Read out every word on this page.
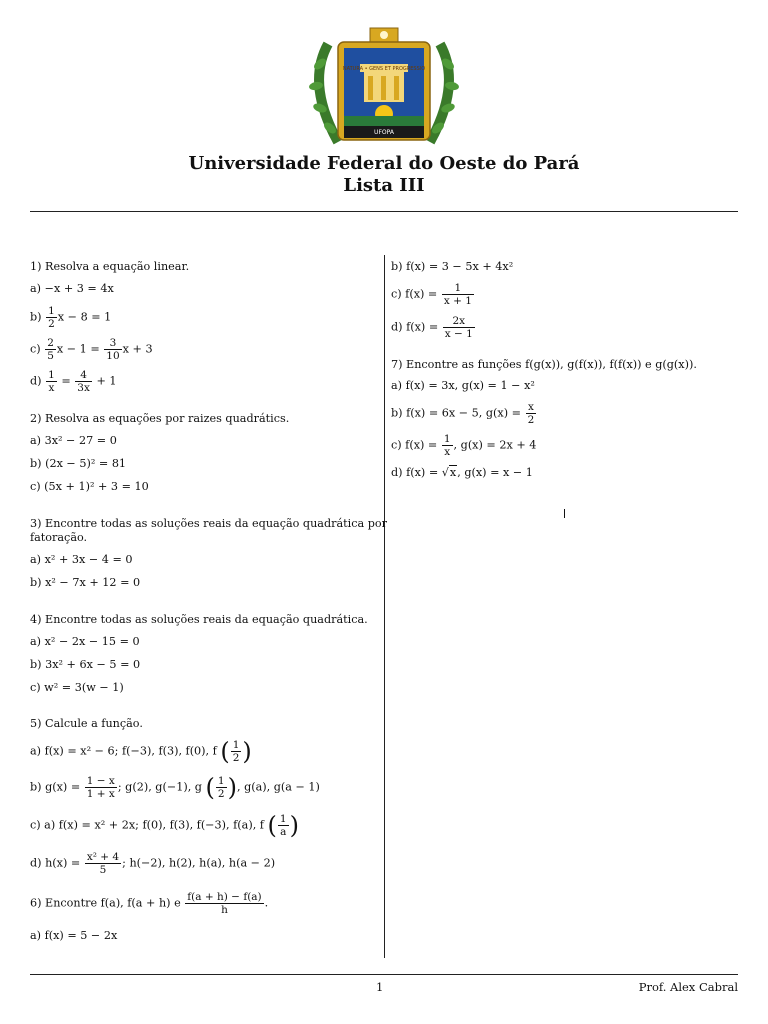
NATURA • GENS ET PROGRESSIO
UFOPA
Universidade Federal do Oeste do Pará
Lista III
1) Resolva a equação linear.
a) −x + 3 = 4x
$b) \frac{1}{2}$ x − 8 = 1
$c) \frac{2}{5}$ $x - 1 = \frac{3}{10}$ x + 3
$d) \frac{1}{x} = \frac{4}{3x} + 1$
2) Resolva as equações por raizes quadrátics.
a) 3x² − 27 = 0
b) (2x − 5)² = 81
c) (5x + 1)² + 3 = 10
3) Encontre todas as soluções reais da equação quadrática por
fatoração.
a) x² + 3x − 4 = 0
b) x² − 7x + 12 = 0
4) Encontre todas as soluções reais da equação quadrática.
a) x² − 2x − 15 = 0
b) 3x² + 6x − 5 = 0
c) w² = 3(w − 1)
5) Calcule a função.
a) f(x) = x² − 6; f(−3), f(3), f(0), f ( $\frac{1}{2}$ )
b) $g(x) = \frac{1 - x}{1 + x}$ ; g(2), g(−1), g ( $\frac{1}{2}$ ), g(a), g(a − 1)
c) a) f(x) = x² + 2x; f(0), f(3), f(−3), f(a), f ( $\frac{1}{a}$ )
d) $h(x) = \frac{\text{x² + 4}}{5}$ ; h(−2), h(2), h(a), h(a − 2)
6) Encontre f(a), f(a + h) e $\frac{f(a + h) - f(a)}{h}$ .
a) f(x) = 5 − 2x
b) f(x) = 3 − 5x + 4x²
c) $f(x) = \frac{1}{x + 1}$
d) $f(x) = \frac{2x}{x - 1}$
7) Encontre as funções f(g(x)), g(f(x)), f(f(x)) e g(g(x)).
a) f(x) = 3x, g(x) = 1 − x²
b) f(x) = 6x − 5, $g(x) = \frac{x}{2}$
c) $f(x) = \frac{1}{x}$ , g(x) = 2x + 4
d) f(x) = √x, g(x) = x − 1
1	Prof. Alex Cabral
